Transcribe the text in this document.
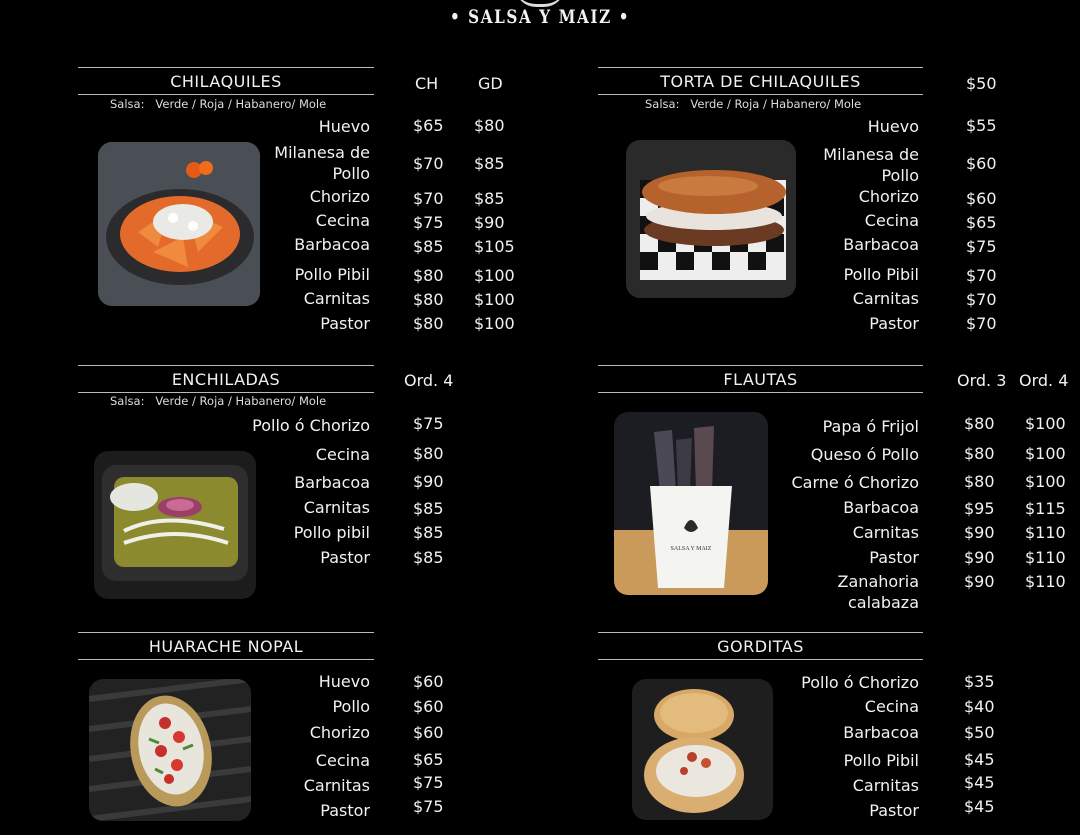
• SALSA Y MAIZ •
CHILAQUILES	CH GD
Salsa:   Verde / Roja / Habanero/ Mole
Huevo	$65 $80
Milanesa de
Pollo
$70 $85
Chorizo	$70 $85
Cecina	$75 $90
Barbacoa	$85 $105
Pollo Pibil	$80 $100
Carnitas	$80 $100
Pastor	$80 $100
TORTA DE CHILAQUILES	$50
Salsa:   Verde / Roja / Habanero/ Mole
Huevo	$55
Milanesa de
Pollo
$60
Chorizo	$60
Cecina	$65
Barbacoa	$75
Pollo Pibil	$70
Carnitas	$70
Pastor	$70
ENCHILADAS	Ord. 4
Salsa:   Verde / Roja / Habanero/ Mole
Pollo ó Chorizo	$75
Cecina	$80
Barbacoa	$90
Carnitas	$85
Pollo pibil	$85
Pastor	$85
FLAUTAS	Ord. 3 Ord. 4
SALSA Y MAIZ
Papa ó Frijol	$80 $100
Queso ó Pollo	$80 $100
Carne ó Chorizo	$80 $100
Barbacoa	$95 $115
Carnitas	$90 $110
Pastor	$90 $110
Zanahoria
calabaza
$90 $110
HUARACHE NOPAL
Huevo	$60
Pollo	$60
Chorizo	$60
Cecina	$65
Carnitas	$75
Pastor	$75
GORDITAS
Pollo ó Chorizo	$35
Cecina	$40
Barbacoa	$50
Pollo Pibil	$45
Carnitas	$45
Pastor	$45
